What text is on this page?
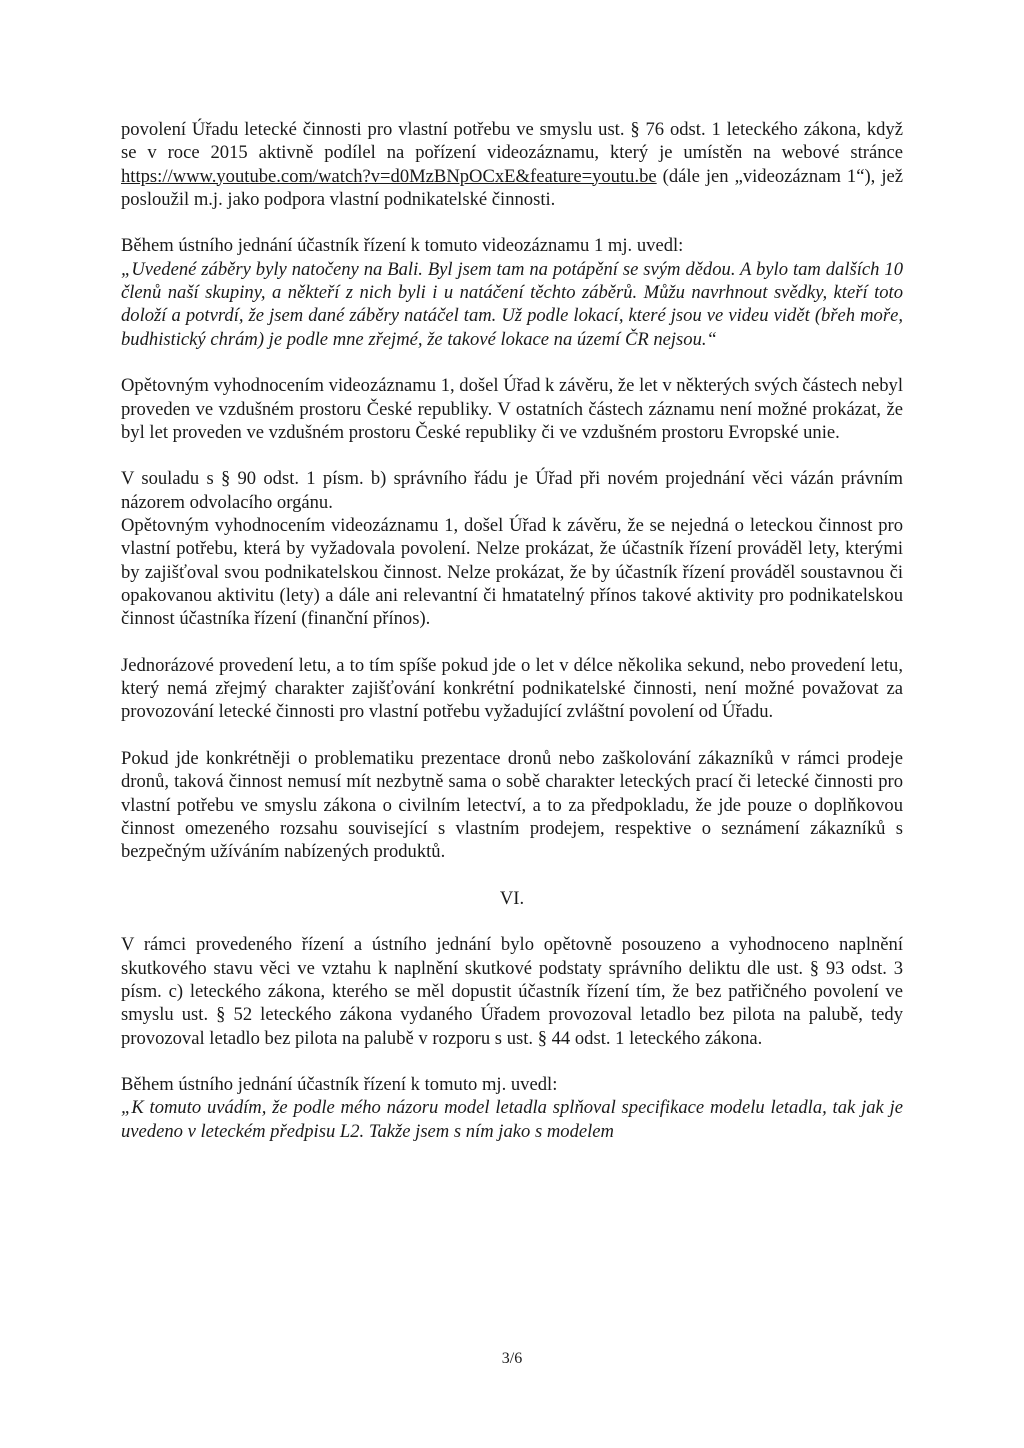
povolení Úřadu letecké činnosti pro vlastní potřebu ve smyslu ust. § 76 odst. 1 leteckého zákona, když se v roce 2015 aktivně podílel na pořízení videozáznamu, který je umístěn na webové stránce https://www.youtube.com/watch?v=d0MzBNpOCxE&feature=youtu.be (dále jen „videozáznam 1“), jež posloužil m.j. jako podpora vlastní podnikatelské činnosti.

Během ústního jednání účastník řízení k tomuto videozáznamu 1 mj. uvedl:

„Uvedené záběry byly natočeny na Bali. Byl jsem tam na potápění se svým dědou. A bylo tam dalších 10 členů naší skupiny, a někteří z nich byli i u natáčení těchto záběrů. Můžu navrhnout svědky, kteří toto doloží a potvrdí, že jsem dané záběry natáčel tam. Už podle lokací, které jsou ve videu vidět (břeh moře, budhistický chrám) je podle mne zřejmé, že takové lokace na území ČR nejsou.“

Opětovným vyhodnocením videozáznamu 1, došel Úřad k závěru, že let v některých svých částech nebyl proveden ve vzdušném prostoru České republiky. V ostatních částech záznamu není možné prokázat, že byl let proveden ve vzdušném prostoru České republiky či ve vzdušném prostoru Evropské unie.

V souladu s § 90 odst. 1 písm. b) správního řádu je Úřad při novém projednání věci vázán právním názorem odvolacího orgánu.

Opětovným vyhodnocením videozáznamu 1, došel Úřad k závěru, že se nejedná o leteckou činnost pro vlastní potřebu, která by vyžadovala povolení. Nelze prokázat, že účastník řízení prováděl lety, kterými by zajišťoval svou podnikatelskou činnost. Nelze prokázat, že by účastník řízení prováděl soustavnou či opakovanou aktivitu (lety) a dále ani relevantní či hmatatelný přínos takové aktivity pro podnikatelskou činnost účastníka řízení (finanční přínos).

Jednorázové provedení letu, a to tím spíše pokud jde o let v délce několika sekund, nebo provedení letu, který nemá zřejmý charakter zajišťování konkrétní podnikatelské činnosti, není možné považovat za provozování letecké činnosti pro vlastní potřebu vyžadující zvláštní povolení od Úřadu.

Pokud jde konkrétněji o problematiku prezentace dronů nebo zaškolování zákazníků v rámci prodeje dronů, taková činnost nemusí mít nezbytně sama o sobě charakter leteckých prací či letecké činnosti pro vlastní potřebu ve smyslu zákona o civilním letectví, a to za předpokladu, že jde pouze o doplňkovou činnost omezeného rozsahu související s vlastním prodejem, respektive o seznámení zákazníků s bezpečným užíváním nabízených produktů.

VI.

V rámci provedeného řízení a ústního jednání bylo opětovně posouzeno a vyhodnoceno naplnění skutkového stavu věci ve vztahu k naplnění skutkové podstaty správního deliktu dle ust. § 93 odst. 3 písm. c) leteckého zákona, kterého se měl dopustit účastník řízení tím, že bez patřičného povolení ve smyslu ust. § 52 leteckého zákona vydaného Úřadem provozoval letadlo bez pilota na palubě, tedy provozoval letadlo bez pilota na palubě v rozporu s ust. § 44 odst. 1 leteckého zákona.

Během ústního jednání účastník řízení k tomuto mj. uvedl:

„K tomuto uvádím, že podle mého názoru model letadla splňoval specifikace modelu letadla, tak jak je uvedeno v leteckém předpisu L2. Takže jsem s ním jako s modelem

3/6
